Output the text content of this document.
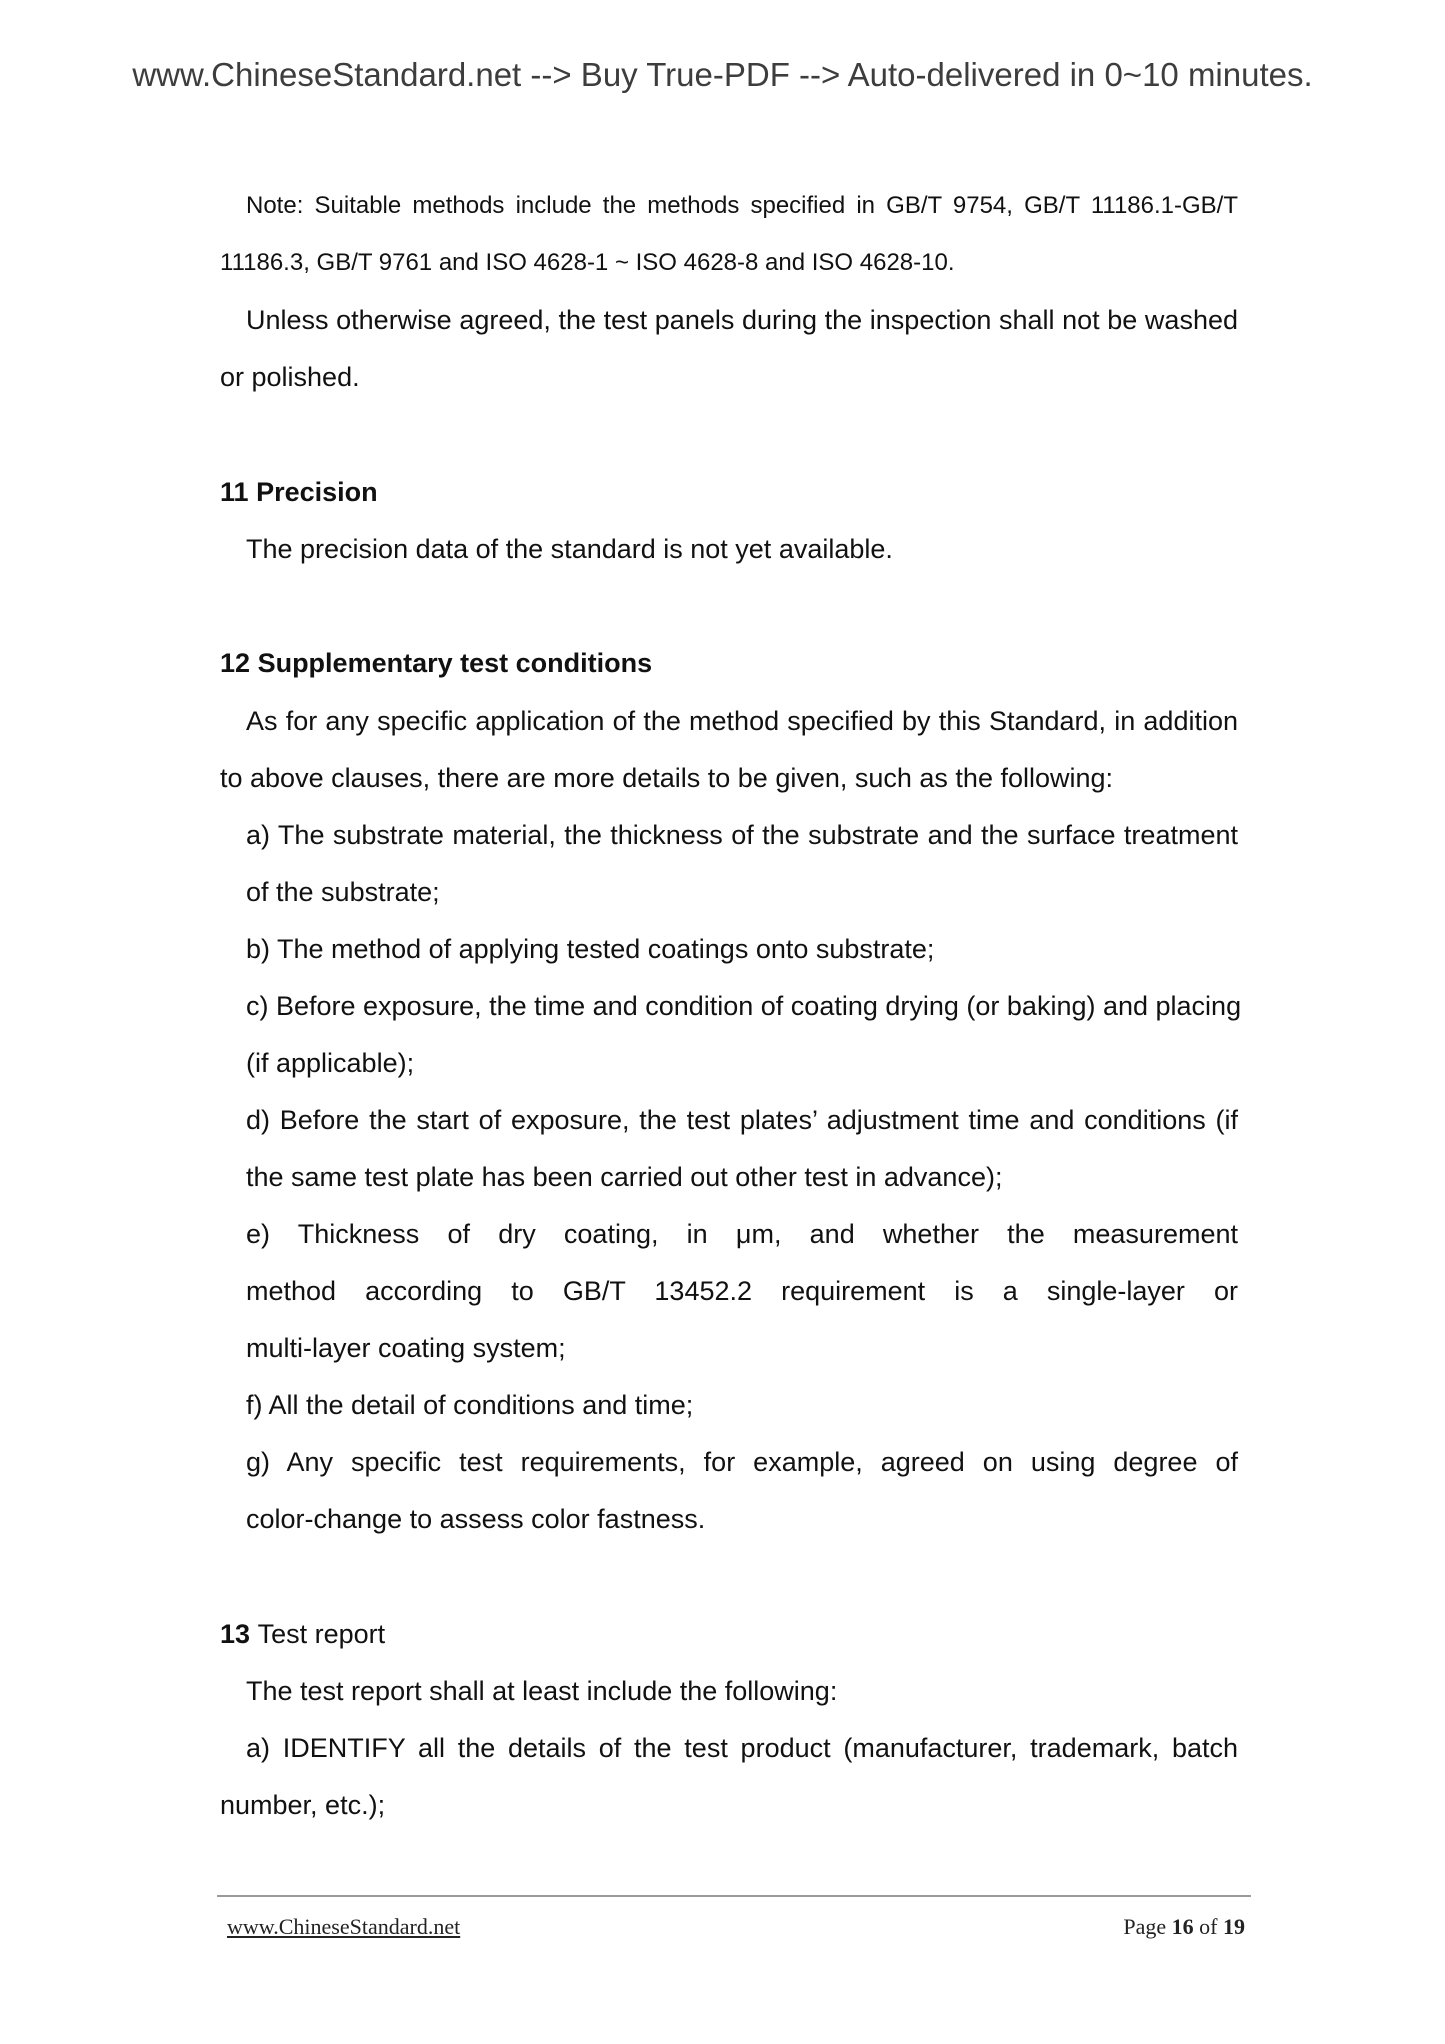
www.ChineseStandard.net --> Buy True-PDF --> Auto-delivered in 0~10 minutes.
Note: Suitable methods include the methods specified in GB/T 9754, GB/T 11186.1-GB/T
11186.3, GB/T 9761 and ISO 4628-1 ~ ISO 4628-8 and ISO 4628-10.
Unless otherwise agreed, the test panels during the inspection shall not be washed
or polished.
11 Precision
The precision data of the standard is not yet available.
12 Supplementary test conditions
As for any specific application of the method specified by this Standard, in addition
to above clauses, there are more details to be given, such as the following:
a) The substrate material, the thickness of the substrate and the surface treatment
of the substrate;
b) The method of applying tested coatings onto substrate;
c) Before exposure, the time and condition of coating drying (or baking) and placing
(if applicable);
d) Before the start of exposure, the test plates’ adjustment time and conditions (if
the same test plate has been carried out other test in advance);
e) Thickness of dry coating, in μm, and whether the measurement
method according to GB/T 13452.2 requirement is a single-layer or
multi-layer coating system;
f) All the detail of conditions and time;
g) Any specific test requirements, for example, agreed on using degree of
color-change to assess color fastness.
13 Test report
The test report shall at least include the following:
a) IDENTIFY all the details of the test product (manufacturer, trademark, batch
number, etc.);
www.ChineseStandard.net	Page 16 of 19
